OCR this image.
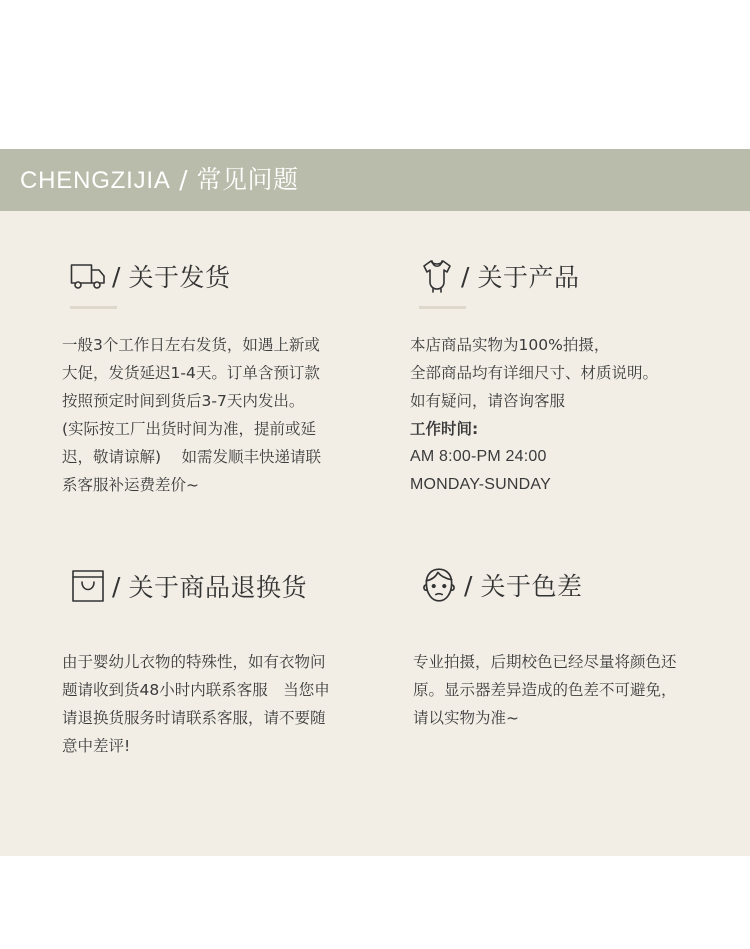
CHENGZIJIA / 常见问题
/ 关于发货
一般3个工作日左右发货，如遇上新或
大促，发货延迟1-4天。订单含预订款
按照预定时间到货后3-7天内发出。
(实际按工厂出货时间为准，提前或延
迟，敬请谅解)　 如需发顺丰快递请联
系客服补运费差价~
/ 关于产品
本店商品实物为100%拍摄，
全部商品均有详细尺寸、材质说明。
如有疑问，请咨询客服
工作时间:
AM 8:00-PM 24:00
MONDAY-SUNDAY
/ 关于商品退换货
由于婴幼儿衣物的特殊性，如有衣物问
题请收到货48小时内联系客服　当您申
请退换货服务时请联系客服，请不要随
意中差评!
/ 关于色差
专业拍摄，后期校色已经尽量将颜色还
原。显示器差异造成的色差不可避免，
请以实物为准~
